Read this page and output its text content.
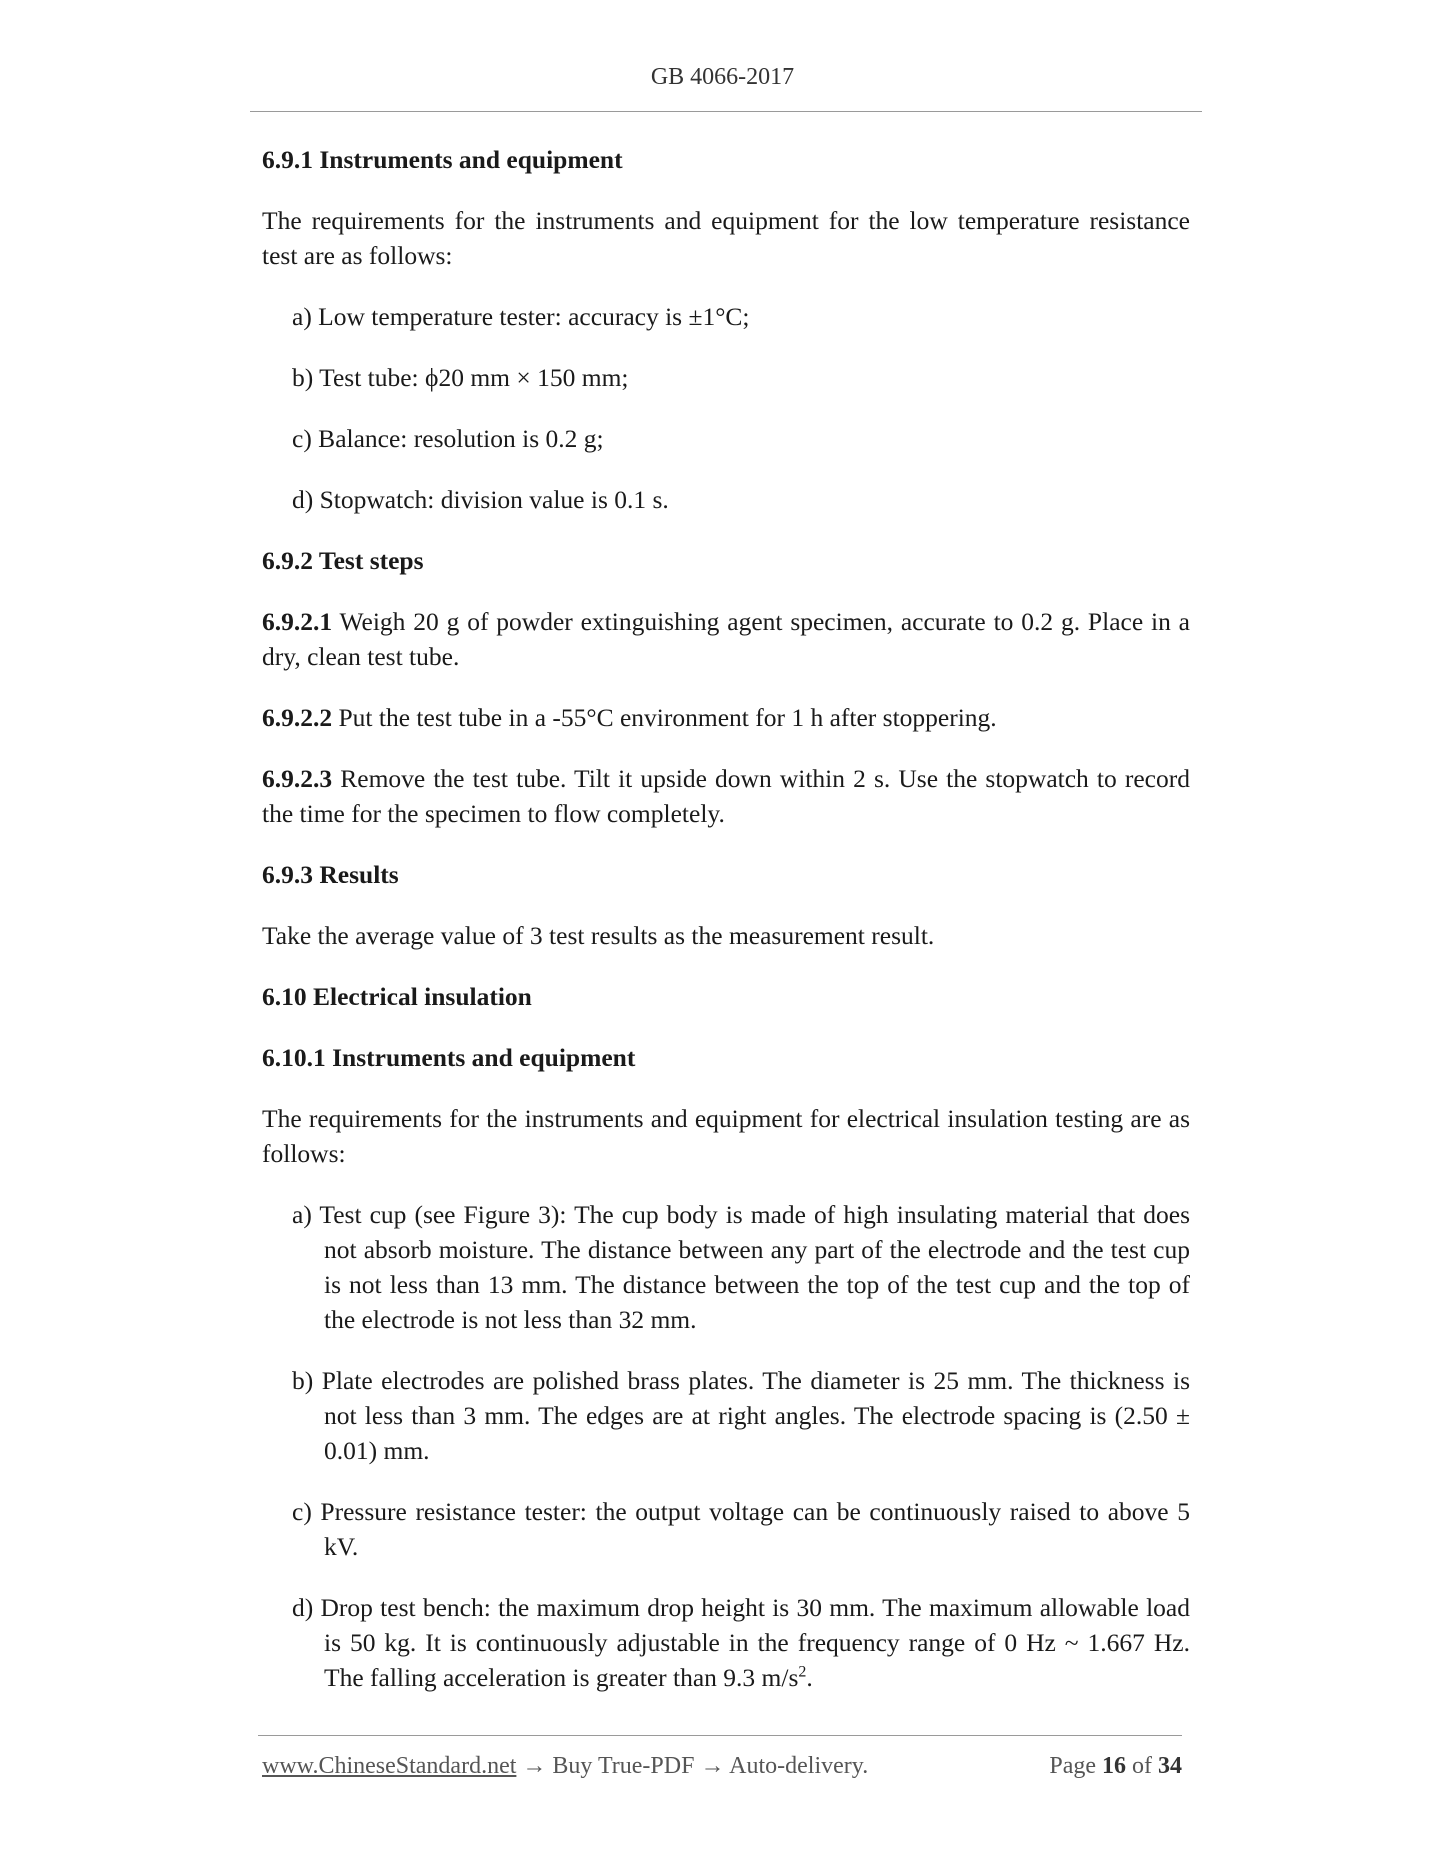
GB 4066-2017
6.9.1 Instruments and equipment
The requirements for the instruments and equipment for the low temperature resistance test are as follows:
a) Low temperature tester: accuracy is ±1°C;
b) Test tube: ϕ20 mm × 150 mm;
c) Balance: resolution is 0.2 g;
d) Stopwatch: division value is 0.1 s.
6.9.2 Test steps
6.9.2.1 Weigh 20 g of powder extinguishing agent specimen, accurate to 0.2 g. Place in a dry, clean test tube.
6.9.2.2 Put the test tube in a -55°C environment for 1 h after stoppering.
6.9.2.3 Remove the test tube. Tilt it upside down within 2 s. Use the stopwatch to record the time for the specimen to flow completely.
6.9.3 Results
Take the average value of 3 test results as the measurement result.
6.10 Electrical insulation
6.10.1 Instruments and equipment
The requirements for the instruments and equipment for electrical insulation testing are as follows:
a) Test cup (see Figure 3): The cup body is made of high insulating material that does not absorb moisture. The distance between any part of the electrode and the test cup is not less than 13 mm. The distance between the top of the test cup and the top of the electrode is not less than 32 mm.
b) Plate electrodes are polished brass plates. The diameter is 25 mm. The thickness is not less than 3 mm. The edges are at right angles. The electrode spacing is (2.50 ± 0.01) mm.
c) Pressure resistance tester: the output voltage can be continuously raised to above 5 kV.
d) Drop test bench: the maximum drop height is 30 mm. The maximum allowable load is 50 kg. It is continuously adjustable in the frequency range of 0 Hz ~ 1.667 Hz. The falling acceleration is greater than 9.3 $m/s^2$.
www.ChineseStandard.net → Buy True-PDF → Auto-delivery.	Page 16 of 34
